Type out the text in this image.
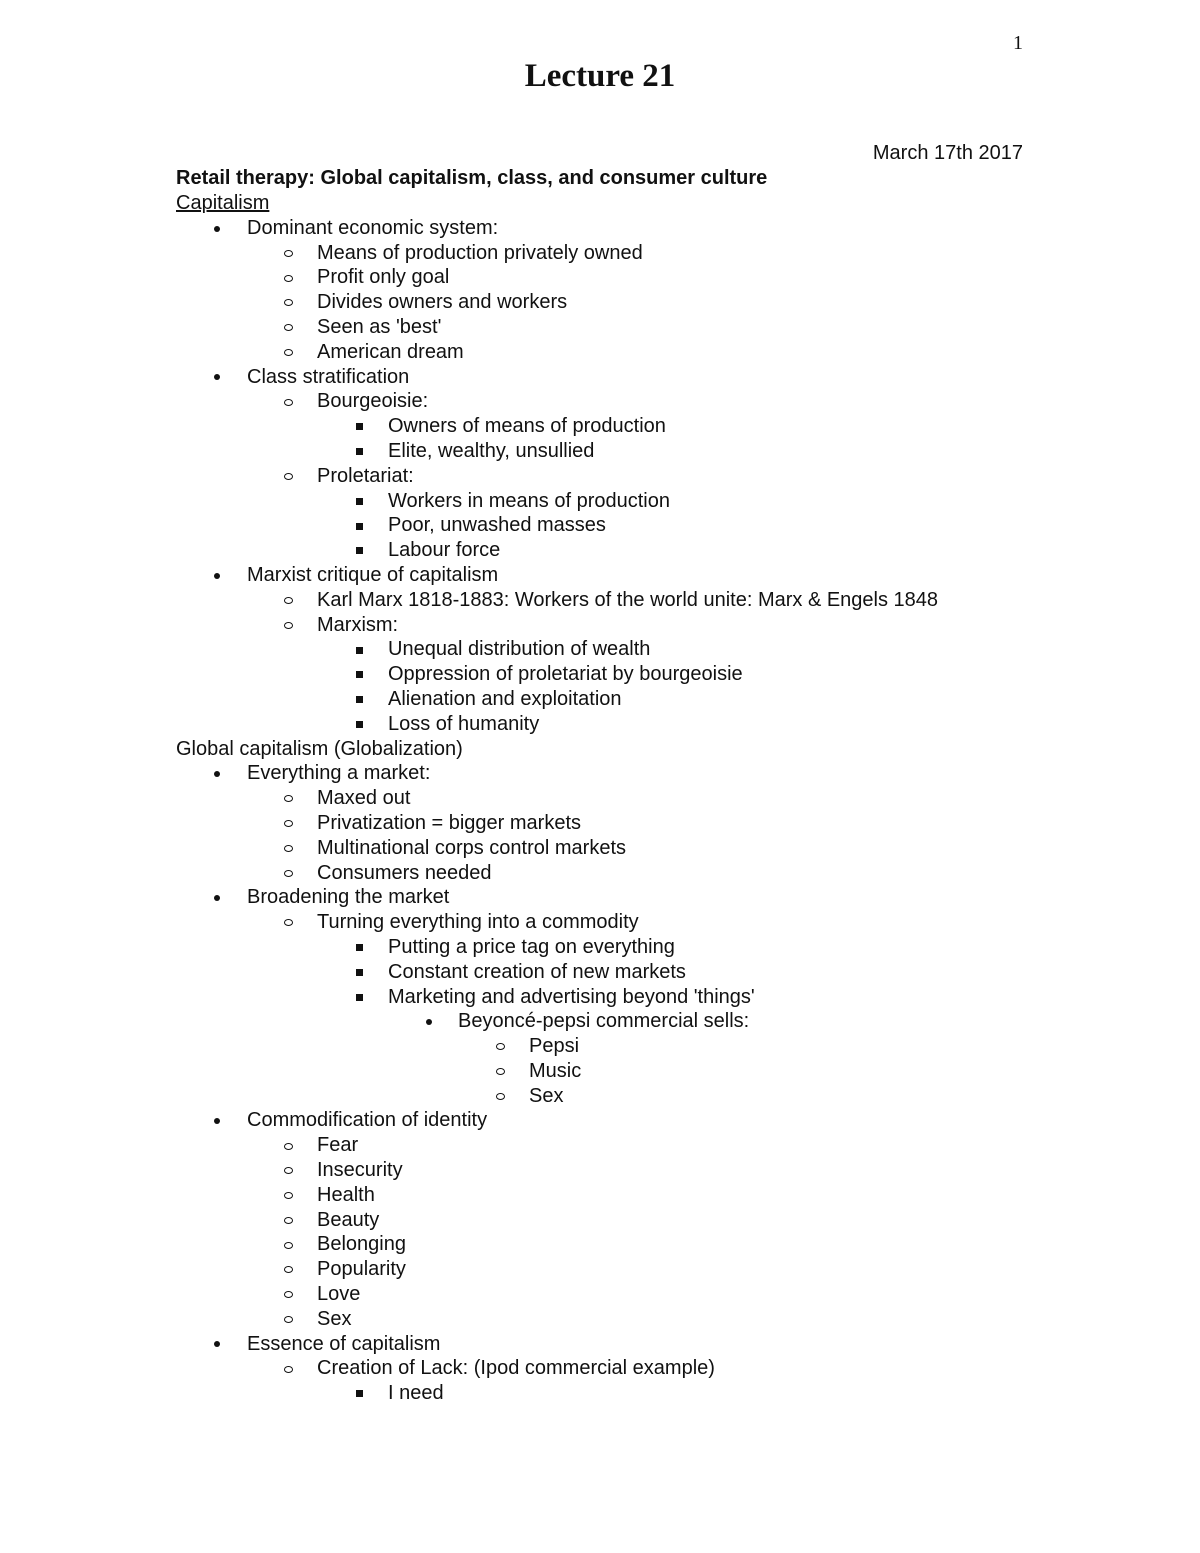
1
Lecture 21
March 17th 2017
Retail therapy: Global capitalism, class, and consumer culture
Capitalism
Dominant economic system:
Means of production privately owned
Profit only goal
Divides owners and workers
Seen as 'best'
American dream
Class stratification
Bourgeoisie:
Owners of means of production
Elite, wealthy, unsullied
Proletariat:
Workers in means of production
Poor, unwashed masses
Labour force
Marxist critique of capitalism
Karl Marx 1818-1883: Workers of the world unite: Marx & Engels 1848
Marxism:
Unequal distribution of wealth
Oppression of proletariat by bourgeoisie
Alienation and exploitation
Loss of humanity
Global capitalism (Globalization)
Everything a market:
Maxed out
Privatization = bigger markets
Multinational corps control markets
Consumers needed
Broadening the market
Turning everything into a commodity
Putting a price tag on everything
Constant creation of new markets
Marketing and advertising beyond 'things'
Beyoncé-pepsi commercial sells:
Pepsi
Music
Sex
Commodification of identity
Fear
Insecurity
Health
Beauty
Belonging
Popularity
Love
Sex
Essence of capitalism
Creation of Lack: (Ipod commercial example)
I need
